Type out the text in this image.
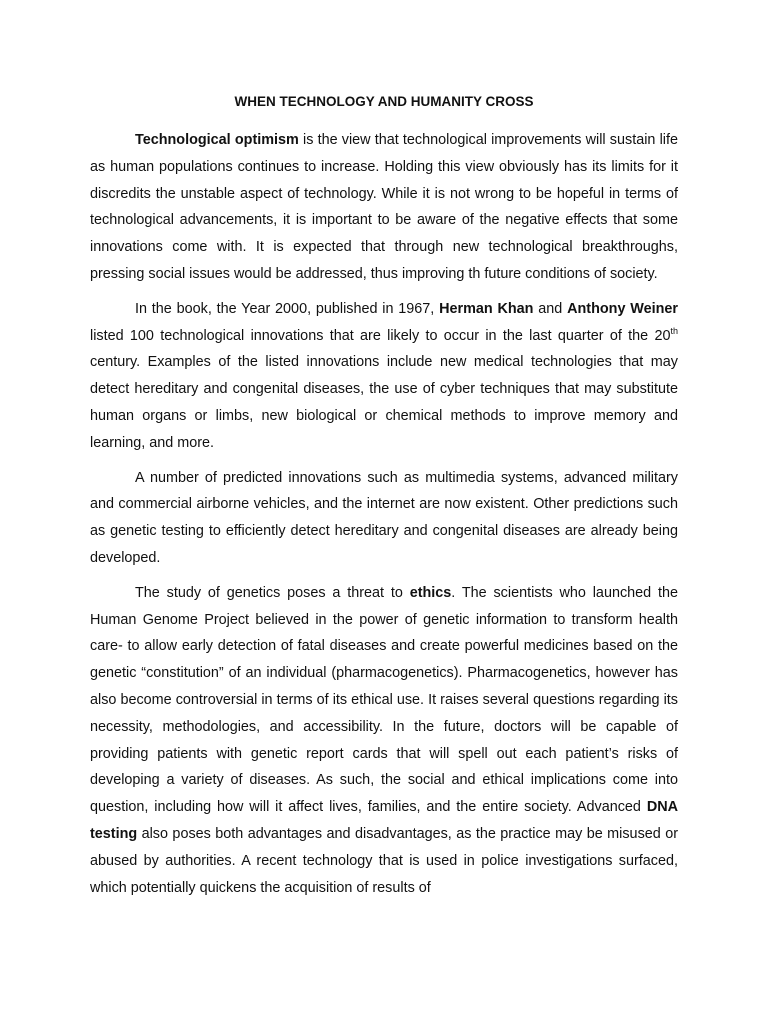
WHEN TECHNOLOGY AND HUMANITY CROSS

Technological optimism is the view that technological improvements will sustain life as human populations continues to increase. Holding this view obviously has its limits for it discredits the unstable aspect of technology. While it is not wrong to be hopeful in terms of technological advancements, it is important to be aware of the negative effects that some innovations come with. It is expected that through new technological breakthroughs, pressing social issues would be addressed, thus improving th future conditions of society.

In the book, the Year 2000, published in 1967, Herman Khan and Anthony Weiner listed 100 technological innovations that are likely to occur in the last quarter of the 20th century. Examples of the listed innovations include new medical technologies that may detect hereditary and congenital diseases, the use of cyber techniques that may substitute human organs or limbs, new biological or chemical methods to improve memory and learning, and more.

A number of predicted innovations such as multimedia systems, advanced military and commercial airborne vehicles, and the internet are now existent. Other predictions such as genetic testing to efficiently detect hereditary and congenital diseases are already being developed.

The study of genetics poses a threat to ethics. The scientists who launched the Human Genome Project believed in the power of genetic information to transform health care- to allow early detection of fatal diseases and create powerful medicines based on the genetic “constitution” of an individual (pharmacogenetics). Pharmacogenetics, however has also become controversial in terms of its ethical use. It raises several questions regarding its necessity, methodologies, and accessibility. In the future, doctors will be capable of providing patients with genetic report cards that will spell out each patient’s risks of developing a variety of diseases. As such, the social and ethical implications come into question, including how will it affect lives, families, and the entire society. Advanced DNA testing also poses both advantages and disadvantages, as the practice may be misused or abused by authorities. A recent technology that is used in police investigations surfaced, which potentially quickens the acquisition of results of
